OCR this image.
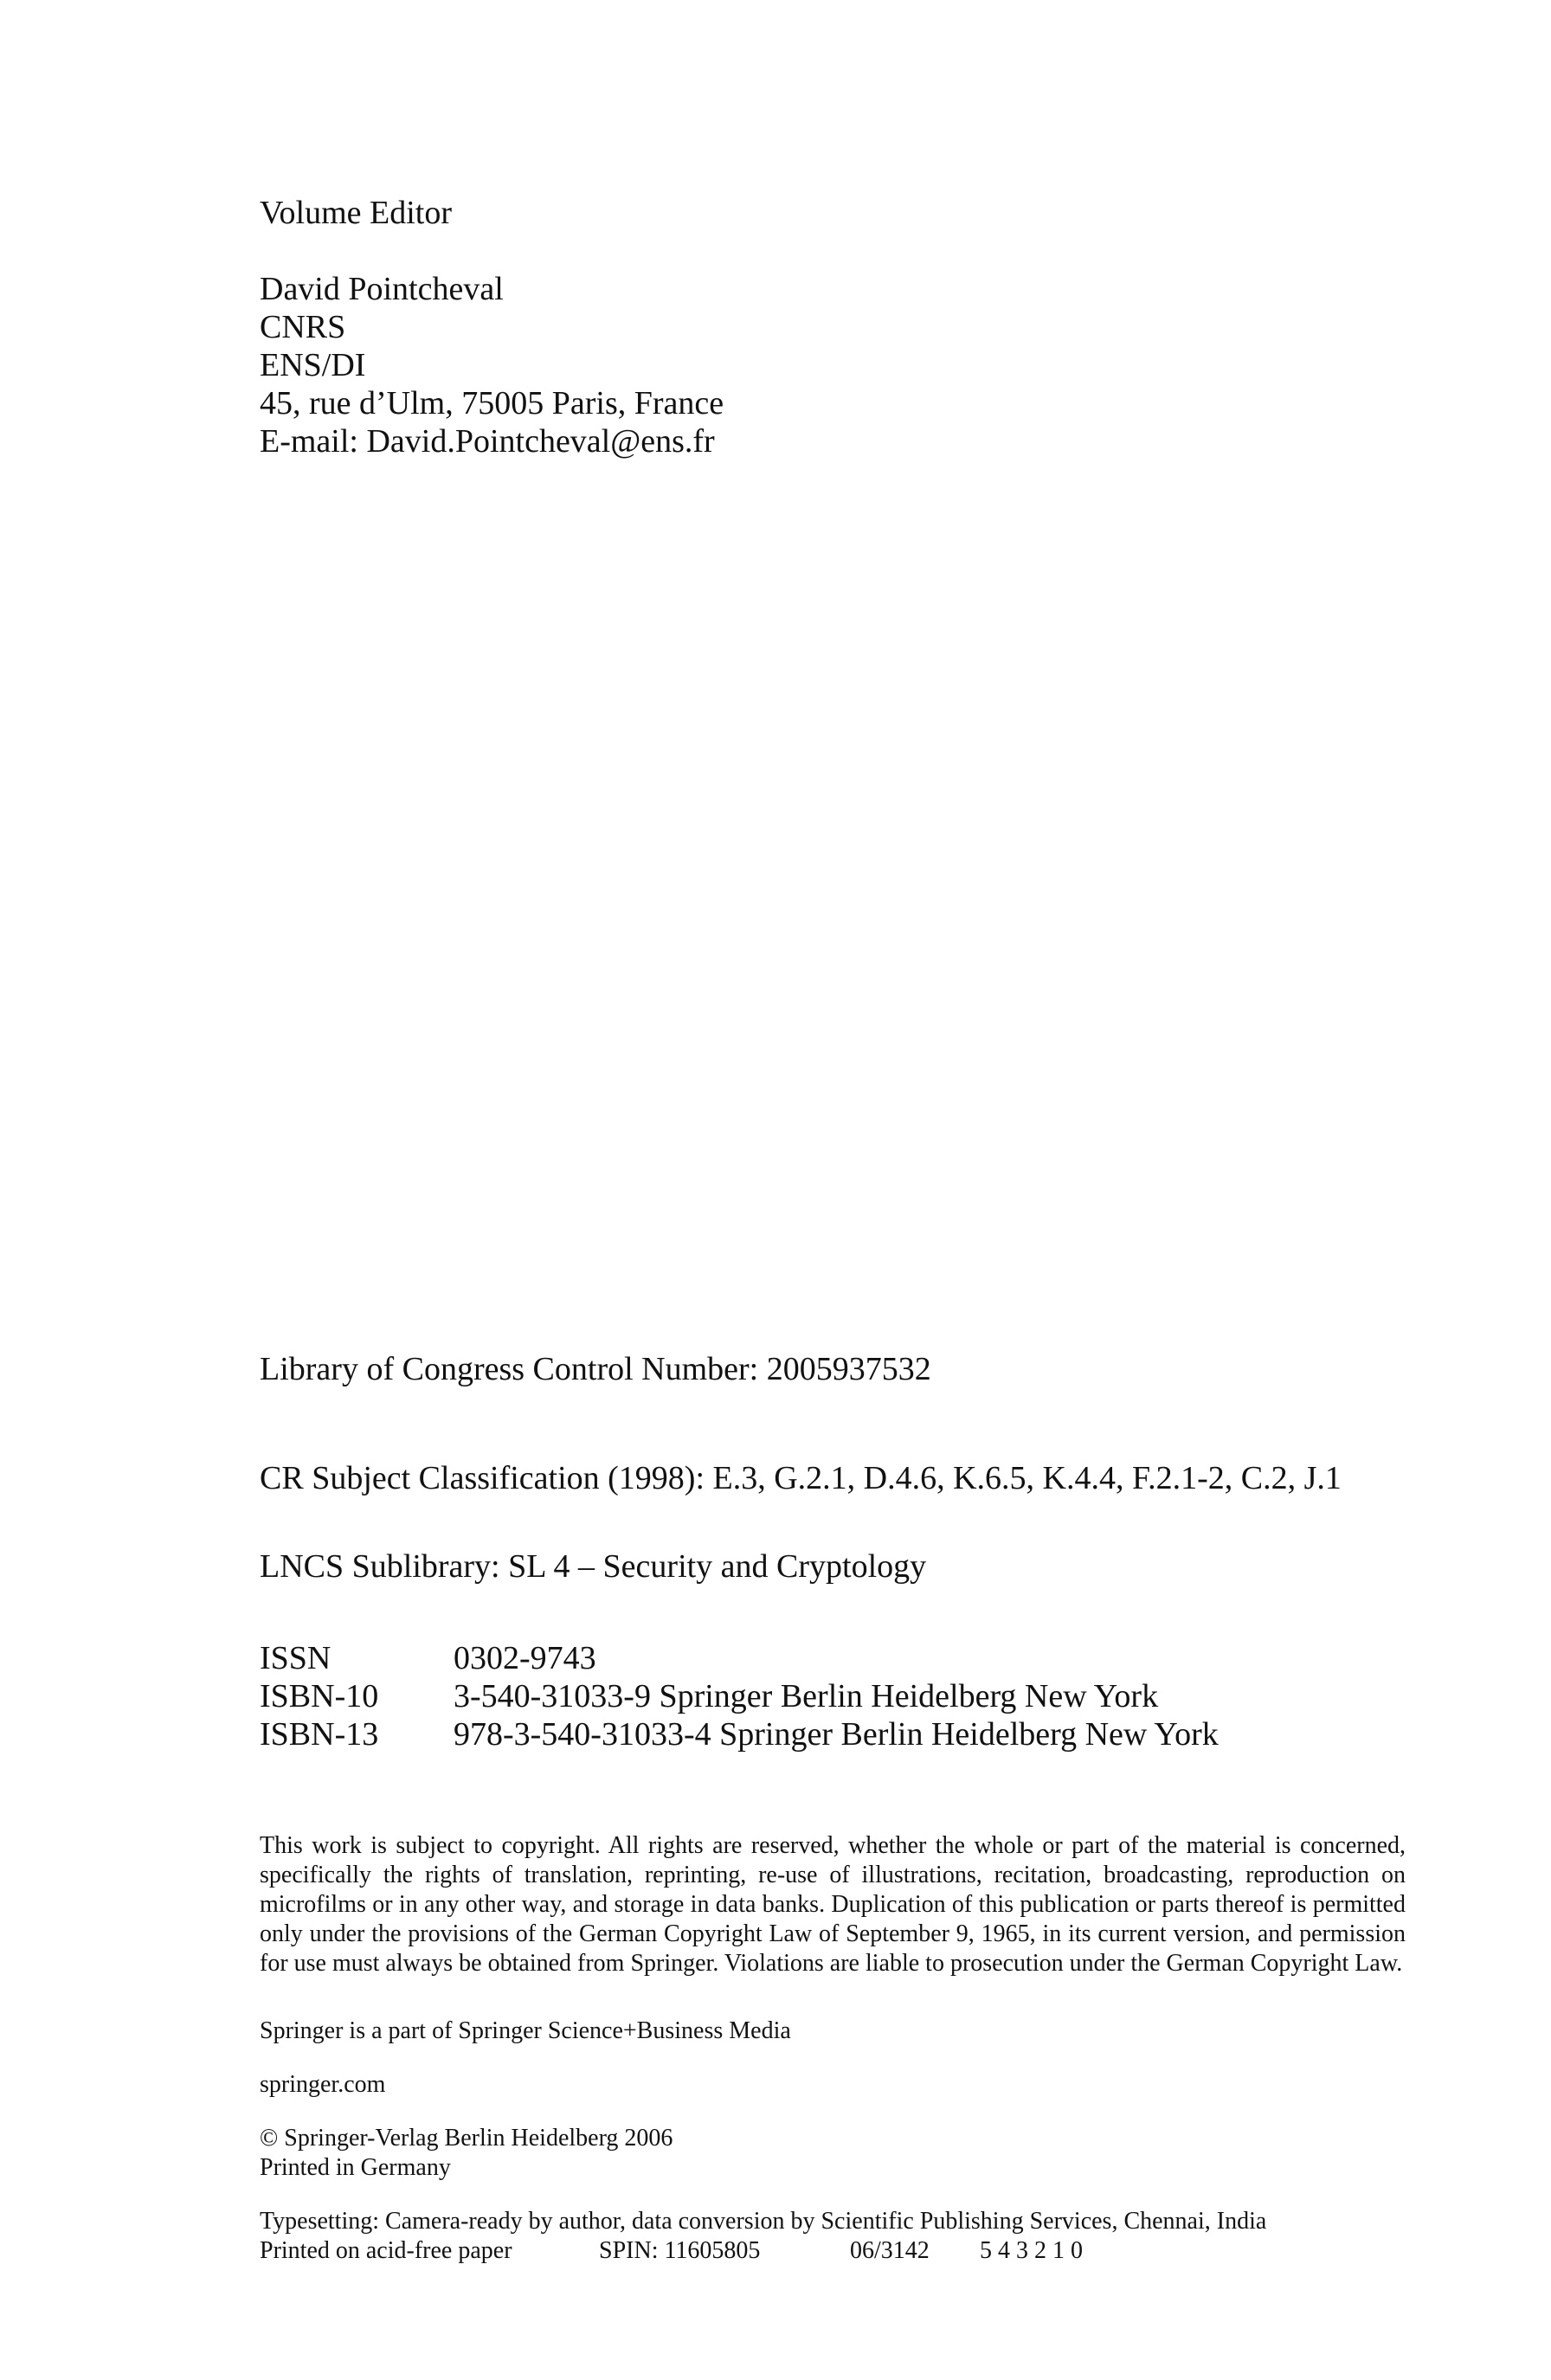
Volume Editor
David Pointcheval
CNRS
ENS/DI
45, rue d’Ulm, 75005 Paris, France
E-mail: David.Pointcheval@ens.fr
Library of Congress Control Number: 2005937532
CR Subject Classification (1998): E.3, G.2.1, D.4.6, K.6.5, K.4.4, F.2.1-2, C.2, J.1
LNCS Sublibrary: SL 4 – Security and Cryptology
ISSN	0302-9743
ISBN-10	3-540-31033-9 Springer Berlin Heidelberg New York
ISBN-13	978-3-540-31033-4 Springer Berlin Heidelberg New York
This work is subject to copyright. All rights are reserved, whether the whole or part of the material is concerned, specifically the rights of translation, reprinting, re-use of illustrations, recitation, broadcasting, reproduction on microfilms or in any other way, and storage in data banks. Duplication of this publication or parts thereof is permitted only under the provisions of the German Copyright Law of September 9, 1965, in its current version, and permission for use must always be obtained from Springer. Violations are liable to prosecution under the German Copyright Law.
Springer is a part of Springer Science+Business Media
springer.com
© Springer-Verlag Berlin Heidelberg 2006
Printed in Germany
Typesetting: Camera-ready by author, data conversion by Scientific Publishing Services, Chennai, India
Printed on acid-free paper	SPIN: 11605805	06/3142	5 4 3 2 1 0
